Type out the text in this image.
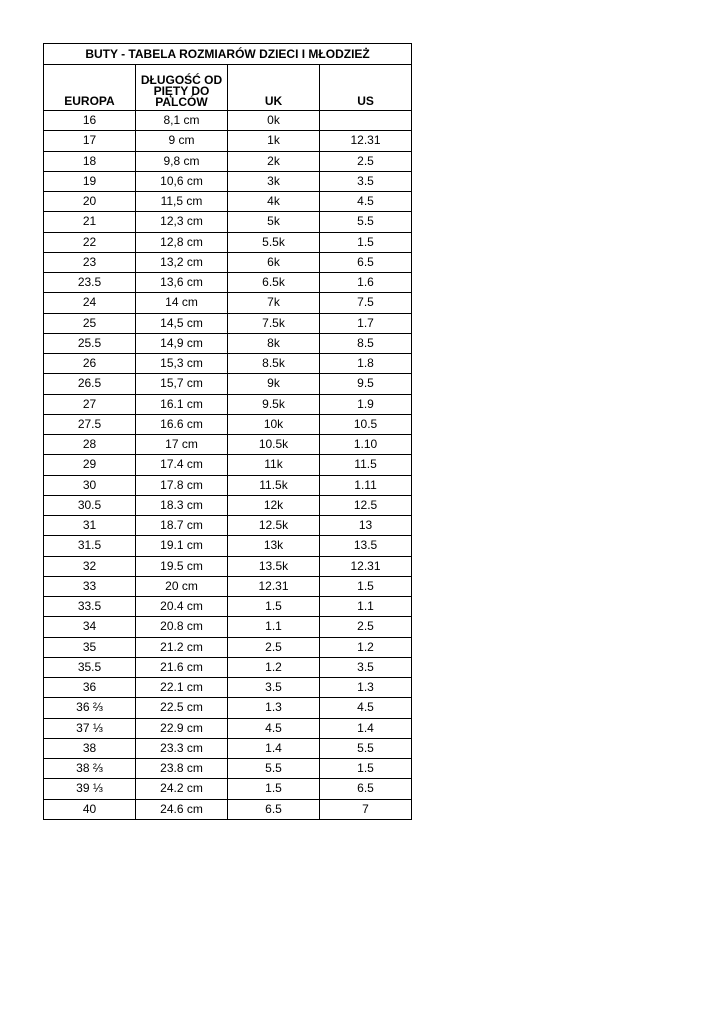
BUTY - TABELA ROZMIARÓW DZIECI I MŁODZIEŻ			
EUROPA	DŁUGOŚĆ OD PIĘTY DO PALCÓW	UK	US
16	8,1 cm	0k	
17	9 cm	1k	12.31
18	9,8 cm	2k	2.5
19	10,6 cm	3k	3.5
20	11,5 cm	4k	4.5
21	12,3 cm	5k	5.5
22	12,8 cm	5.5k	1.5
23	13,2 cm	6k	6.5
23.5	13,6 cm	6.5k	1.6
24	14 cm	7k	7.5
25	14,5 cm	7.5k	1.7
25.5	14,9 cm	8k	8.5
26	15,3 cm	8.5k	1.8
26.5	15,7 cm	9k	9.5
27	16.1 cm	9.5k	1.9
27.5	16.6 cm	10k	10.5
28	17 cm	10.5k	1.10
29	17.4 cm	11k	11.5
30	17.8 cm	11.5k	1.11
30.5	18.3 cm	12k	12.5
31	18.7 cm	12.5k	13
31.5	19.1 cm	13k	13.5
32	19.5 cm	13.5k	12.31
33	20 cm	12.31	1.5
33.5	20.4 cm	1.5	1.1
34	20.8 cm	1.1	2.5
35	21.2 cm	2.5	1.2
35.5	21.6 cm	1.2	3.5
36	22.1 cm	3.5	1.3
36 ⅔	22.5 cm	1.3	4.5
37 ⅓	22.9 cm	4.5	1.4
38	23.3 cm	1.4	5.5
38 ⅔	23.8 cm	5.5	1.5
39 ⅓	24.2 cm	1.5	6.5
40	24.6 cm	6.5	7
